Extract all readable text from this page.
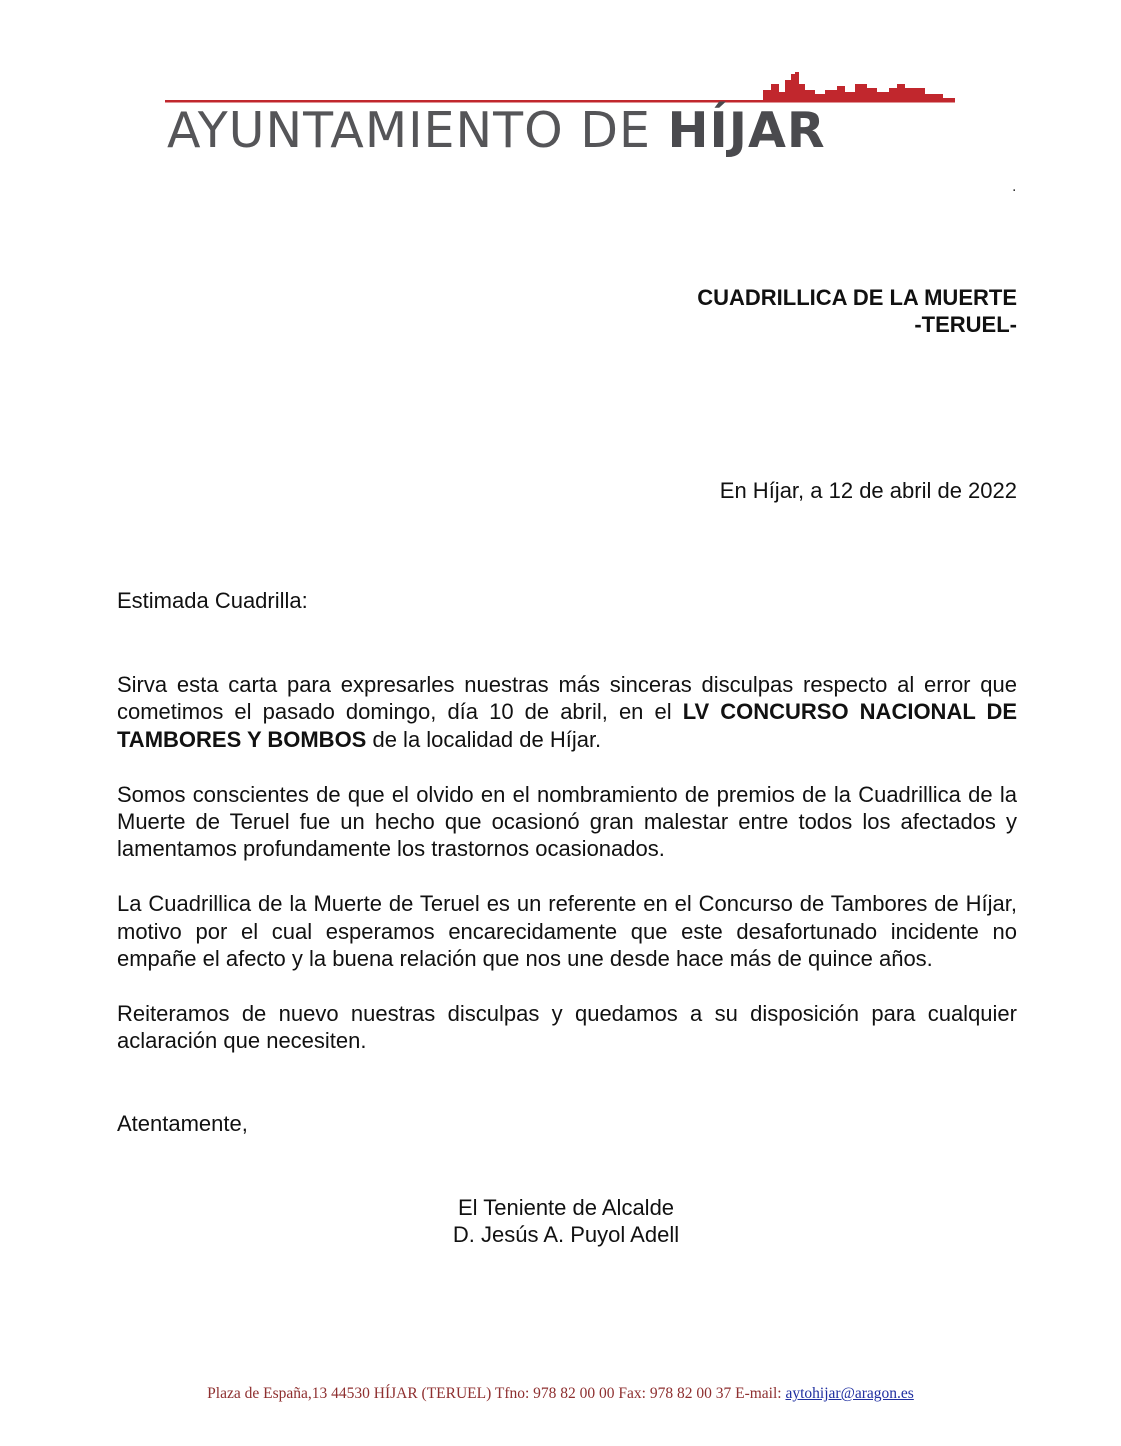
AYUNTAMIENTO DE HÍJAR
.
CUADRILLICA DE LA MUERTE
-TERUEL-
En Híjar, a 12 de abril de 2022
Estimada Cuadrilla:

Sirva esta carta para expresarles nuestras más sinceras disculpas respecto al error que cometimos el pasado domingo, día 10 de abril, en el LV CONCURSO NACIONAL DE TAMBORES Y BOMBOS de la localidad de Híjar.

Somos conscientes de que el olvido en el nombramiento de premios de la Cuadrillica de la Muerte de Teruel fue un hecho que ocasionó gran malestar entre todos los afectados y lamentamos profundamente los trastornos ocasionados.

La Cuadrillica de la Muerte de Teruel es un referente en el Concurso de Tambores de Híjar, motivo por el cual esperamos encarecidamente que este desafortunado incidente no empañe el afecto y la buena relación que nos une desde hace más de quince años.

Reiteramos de nuevo nuestras disculpas y quedamos a su disposición para cualquier aclaración que necesiten.

Atentamente,
El Teniente de Alcalde
D. Jesús A. Puyol Adell
Plaza de España,13 44530 HÍJAR (TERUEL) Tfno: 978 82 00 00 Fax: 978 82 00 37 E-mail: aytohijar@aragon.es
